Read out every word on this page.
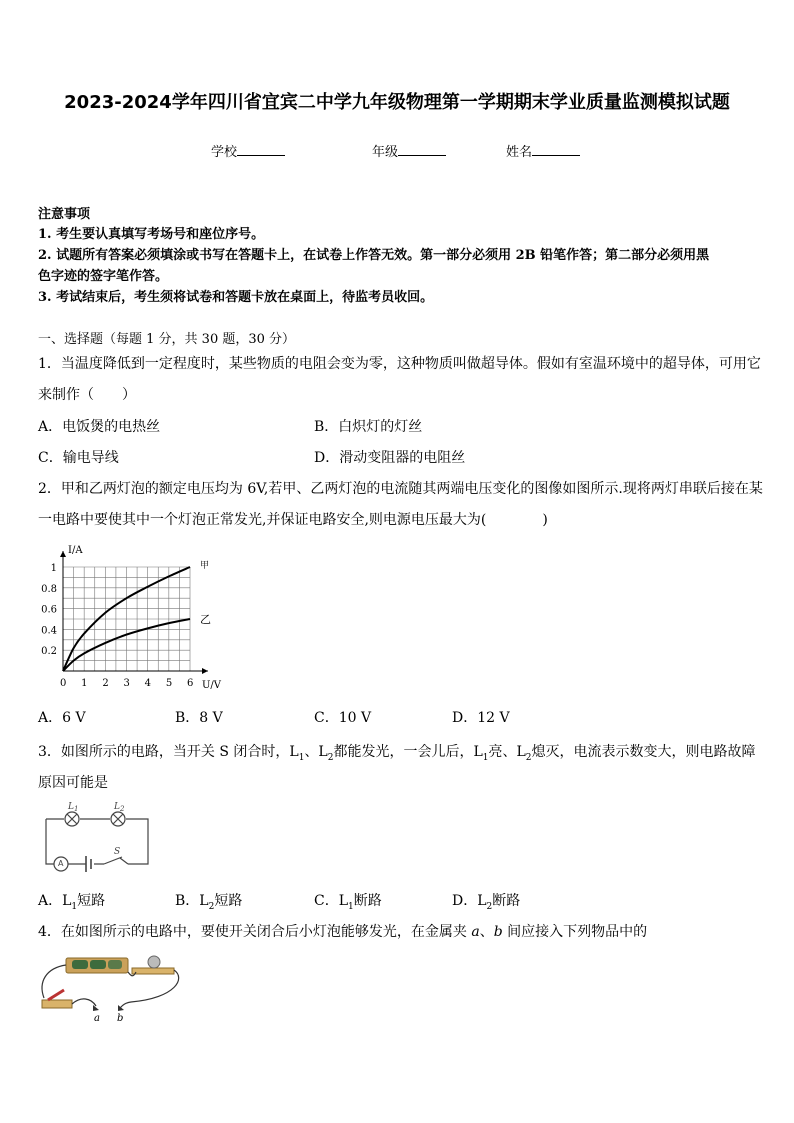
2023-2024学年四川省宜宾二中学九年级物理第一学期期末学业质量监测模拟试题
学校	年级	姓名
注意事项
1. 考生要认真填写考场号和座位序号。
2. 试题所有答案必须填涂或书写在答题卡上，在试卷上作答无效。第一部分必须用 2B 铅笔作答；第二部分必须用黑
色字迹的签字笔作答。
3. 考试结束后，考生须将试卷和答题卡放在桌面上，待监考员收回。
一、选择题（每题 1 分，共 30 题，30 分）
1．当温度降低到一定程度时，某些物质的电阻会变为零，这种物质叫做超导体。假如有室温环境中的超导体，可用它
来制作（　　）
A．电饭煲的电热丝	B．白炽灯的灯丝
C．输电导线	D．滑动变阻器的电阻丝
2．甲和乙两灯泡的额定电压均为 6V,若甲、乙两灯泡的电流随其两端电压变化的图像如图所示.现将两灯串联后接在某
一电路中要使其中一个灯泡正常发光,并保证电路安全,则电源电压最大为(　　　　)
0 1 2 3 4 5 6
0.2
0.4
0.6
0.8
1	甲
乙
I/A
U/V
A．6 V	B．8 V	C．10 V	D．12 V
3．如图所示的电路，当开关 S 闭合时，$L_1$、$L_2$都能发光，一会儿后，$L_1$亮、$L_2$熄灭，电流表示数变大，则电路故障
原因可能是
A
$L_1$	$L_2$
S
A．$L_1$短路	B．$L_2$短路	C．$L_1$断路	D．$L_2$断路
4．在如图所示的电路中，要使开关闭合后小灯泡能够发光，在金属夹 a、b 间应接入下列物品中的
a b
